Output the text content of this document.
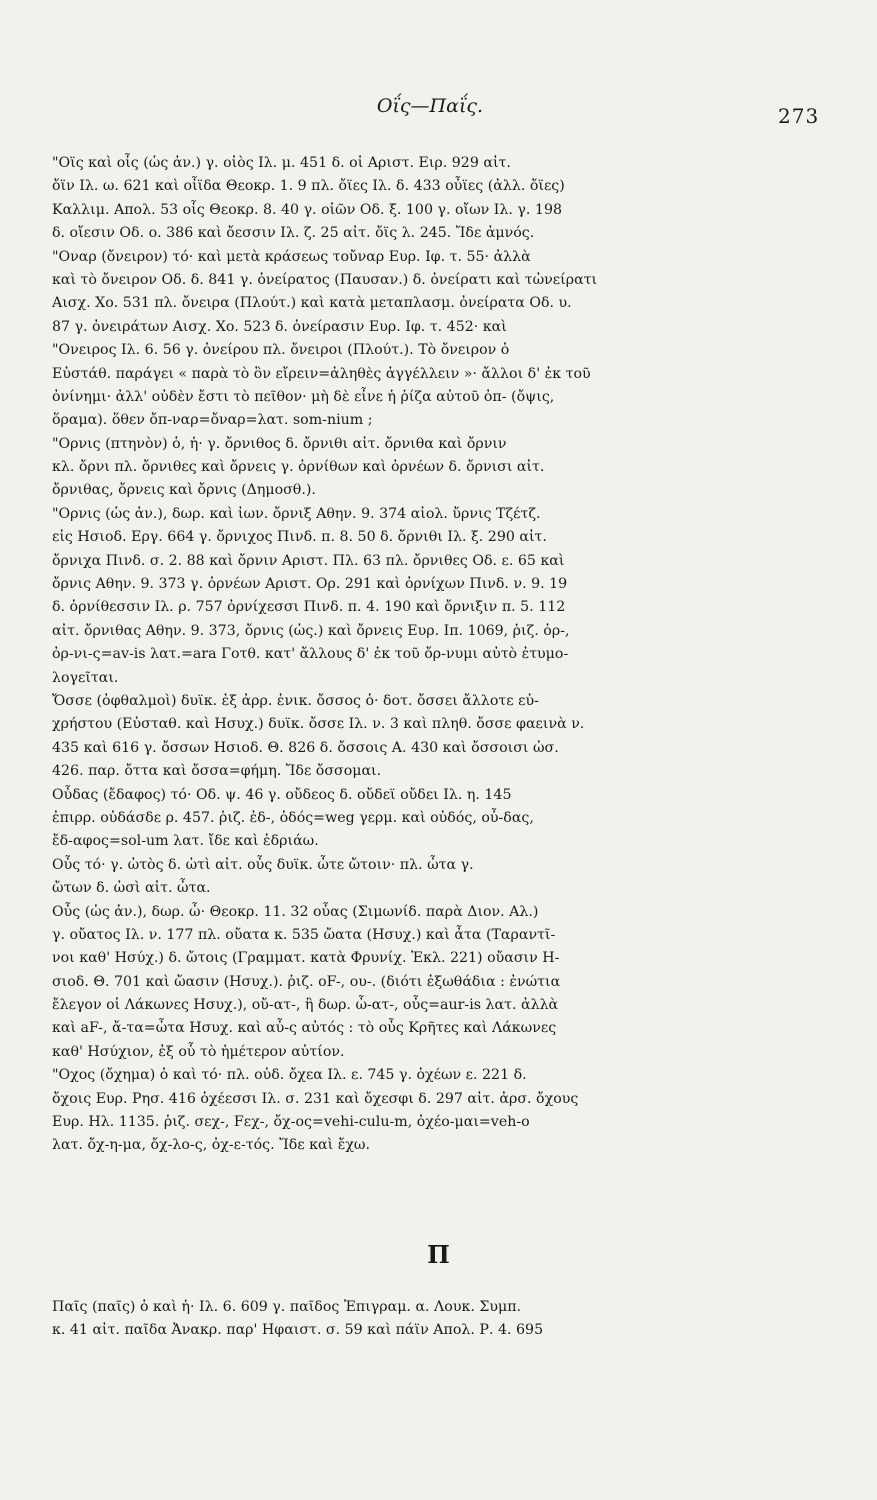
Οΐς—Παΐς.	273
"Οϊς καὶ οἶς (ὡς ἀν.) γ. οἰὸς Ιλ. μ. 451 δ. οἱ Αριστ. Ειρ. 929 αἰτ.
ὄϊν Ιλ. ω. 621 καὶ οἶϊδα Θεοκρ. 1. 9 πλ. ὄϊες Ιλ. δ. 433 οὖϊες (ἀλλ. ὄϊες)
Καλλιμ. Απολ. 53 οἷς Θεοκρ. 8. 40 γ. οἰῶν Οδ. ξ. 100 γ. οἴων Ιλ. γ. 198
δ. οἴεσιν Οδ. ο. 386 καὶ ὄεσσιν Ιλ. ζ. 25 αἰτ. ὄϊς λ. 245. Ἴδε ἀμνός.
"Οναρ (ὄνειρον) τό· καὶ μετὰ κράσεως τοὔναρ Ευρ. Ιφ. τ. 55· ἀλλὰ
καὶ τὸ ὄνειρον Οδ. δ. 841 γ. ὀνείρατος (Παυσαν.) δ. ὀνείρατι καὶ τὠνείρατι
Αισχ. Χο. 531 πλ. ὄνειρα (Πλούτ.) καὶ κατὰ μεταπλασμ. ὀνείρατα Οδ. υ.
87 γ. ὀνειράτων Αισχ. Χο. 523 δ. ὀνείρασιν Ευρ. Ιφ. τ. 452· καὶ
"Ονειρος Ιλ. 6. 56 γ. ὀνείρου πλ. ὄνειροι (Πλούτ.). Τὸ ὄνειρον ὁ
Εὐστάθ. παράγει « παρὰ τὸ ὂν εἴρειν=ἀληθὲς ἀγγέλλειν »· ἄλλοι δ' ἐκ τοῦ
ὀνίνημι· ἀλλ' οὐδὲν ἔστι τὸ πεῖθον· μὴ δὲ εἶνε ἡ ῥίζα αὐτοῦ ὀπ- (ὄψις,
ὅραμα). ὅθεν ὄπ-ναρ=ὄναρ=λατ. som-nium ;
"Ορνις (πτηνὸν) ὁ, ἡ· γ. ὄρνιθος δ. ὄρνιθι αἰτ. ὄρνιθα καὶ ὄρνιν
κλ. ὄρνι πλ. ὄρνιθες καὶ ὄρνεις γ. ὀρνίθων καὶ ὀρνέων δ. ὄρνισι αἰτ.
ὄρνιθας, ὄρνεις καὶ ὄρνις (Δημοσθ.).
"Ορνις (ὡς ἀν.), δωρ. καὶ ἰων. ὄρνιξ Αθην. 9. 374 αἰολ. ὔρνις Τζέτζ.
εἰς Ησιοδ. Εργ. 664 γ. ὄρνιχος Πινδ. π. 8. 50 δ. ὄρνιθι Ιλ. ξ. 290 αἰτ.
ὄρνιχα Πινδ. σ. 2. 88 καὶ ὄρνιν Αριστ. Πλ. 63 πλ. ὄρνιθες Οδ. ε. 65 καὶ
ὄρνις Αθην. 9. 373 γ. ὀρνέων Αριστ. Ορ. 291 καὶ ὀρνίχων Πινδ. ν. 9. 19
δ. ὀρνίθεσσιν Ιλ. ρ. 757 ὀρνίχεσσι Πινδ. π. 4. 190 καὶ ὄρνιξιν π. 5. 112
αἰτ. ὄρνιθας Αθην. 9. 373, ὄρνις (ὡς.) καὶ ὄρνεις Ευρ. Ιπ. 1069, ῥιζ. ὀρ-,
ὀρ-νι-ς=av-is λατ.=ara Γοτθ. κατ' ἄλλους δ' ἐκ τοῦ ὄρ-νυμι αὐτὸ ἐτυμο-
λογεῖται.
Ὄσσε (ὀφθαλμοὶ) δυϊκ. ἐξ ἀρρ. ἑνικ. ὄσσος ὁ· δοτ. ὄσσει ἄλλοτε εὐ-
χρήστου (Εὐσταθ. καὶ Ησυχ.) δυϊκ. ὄσσε Ιλ. ν. 3 καὶ πληθ. ὄσσε φαεινὰ ν.
435 καὶ 616 γ. ὄσσων Ησιοδ. Θ. 826 δ. ὄσσοις Α. 430 καὶ ὄσσοισι ὠσ.
426. παρ. ὄττα καὶ ὄσσα=φήμη. Ἴδε ὄσσομαι.
Οὖδας (ἔδαφος) τό· Οδ. ψ. 46 γ. οὔδεος δ. οὔδεϊ οὔδει Ιλ. η. 145
ἐπιρρ. οὐδάσδε ρ. 457. ῥιζ. ἐδ-, ὁδός=weg γερμ. καὶ οὐδός, οὖ-δας,
ἔδ-αφος=sol-um λατ. ἴδε καὶ ἑδριάω.
Οὖς τό· γ. ὠτὸς δ. ὠτὶ αἰτ. οὖς δυϊκ. ὦτε ὤτοιν· πλ. ὦτα γ.
ὤτων δ. ὠσὶ αἰτ. ὦτα.
Οὖς (ὡς ἀν.), δωρ. ὦ· Θεοκρ. 11. 32 οὖας (Σιμωνίδ. παρὰ Διον. Αλ.)
γ. οὔατος Ιλ. ν. 177 πλ. οὔατα κ. 535 ὤατα (Ησυχ.) καὶ ἆτα (Ταραντῖ-
νοι καθ' Ησύχ.) δ. ὤτοις (Γραμματ. κατὰ Φρυνίχ. Ἐκλ. 221) οὔασιν Η-
σιοδ. Θ. 701 καὶ ὤασιν (Ησυχ.). ῥιζ. oF-, ου-. (διότι ἐξωθάδια : ἐνώτια
ἔλεγον οἱ Λάκωνες Ησυχ.), οὔ-ατ-, ἢ δωρ. ὦ-ατ-, οὖς=aur-is λατ. ἀλλὰ
καὶ aF-, ἄ-τα=ὦτα Ησυχ. καὶ αὖ-ς αὐτός : τὸ οὖς Κρῆτες καὶ Λάκωνες
καθ' Ησύχιον, ἐξ οὗ τὸ ἡμέτερον αὐτίον.
"Οχος (ὄχημα) ὁ καὶ τό· πλ. οὐδ. ὄχεα Ιλ. ε. 745 γ. ὀχέων ε. 221 δ.
ὄχοις Ευρ. Ρησ. 416 ὀχέεσσι Ιλ. σ. 231 καὶ ὄχεσφι δ. 297 αἰτ. ἀρσ. ὄχους
Ευρ. Ηλ. 1135. ῥιζ. σεχ-, Fεχ-, ὄχ-ος=vehi-culu-m, ὀχέο-μαι=veh-o
λατ. ὄχ-η-μα, ὄχ-λο-ς, ὀχ-ε-τός. Ἴδε καὶ ἔχω.
Π
Παῖς (παῖς) ὁ καὶ ἡ· Ιλ. 6. 609 γ. παῖδος Ἐπιγραμ. α. Λουκ. Συμπ.
κ. 41 αἰτ. παῖδα Ἀνακρ. παρ' Ηφαιστ. σ. 59 καὶ πάϊν Απολ. Ρ. 4. 695
